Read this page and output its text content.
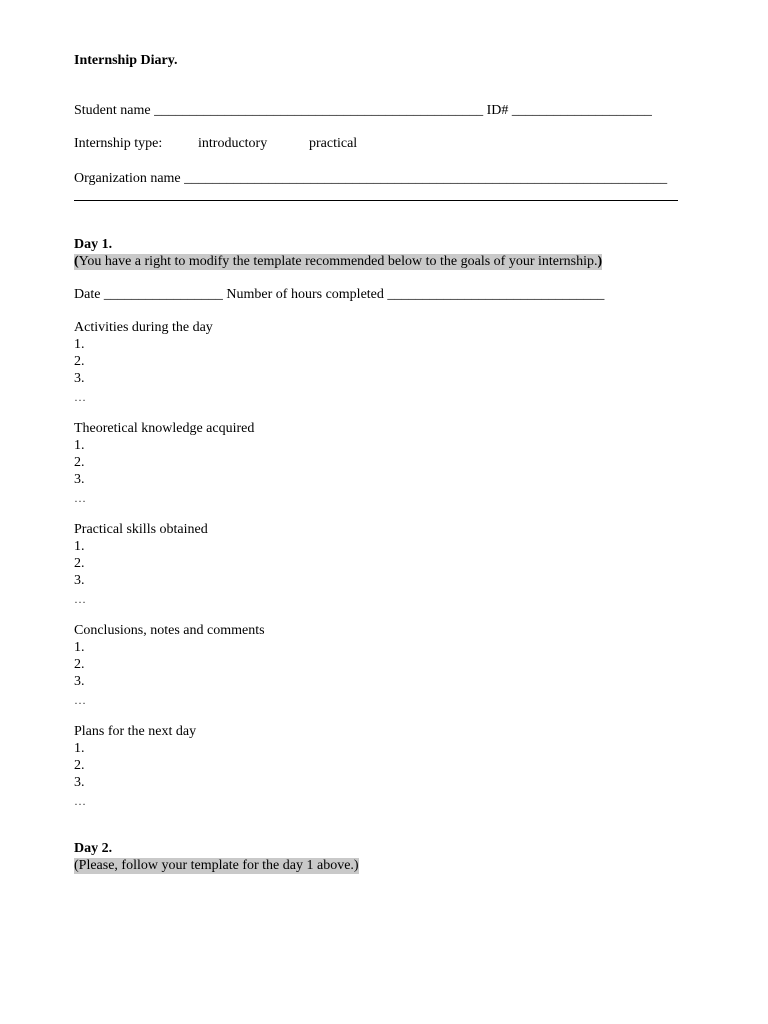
Internship Diary.
Student name _______________________________________________ ID# ____________________
Internship type:	introductory	practical
Organization name _____________________________________________________________________
Day 1.
(You have a right to modify the template recommended below to the goals of your internship.)
Date _________________ Number of hours completed _______________________________
Activities during the day
1.
2.
3.
…
Theoretical knowledge acquired
1.
2.
3.
…
Practical skills obtained
1.
2.
3.
…
Conclusions, notes and comments
1.
2.
3.
…
Plans for the next day
1.
2.
3.
…
Day 2.
(Please, follow your template for the day 1 above.)
